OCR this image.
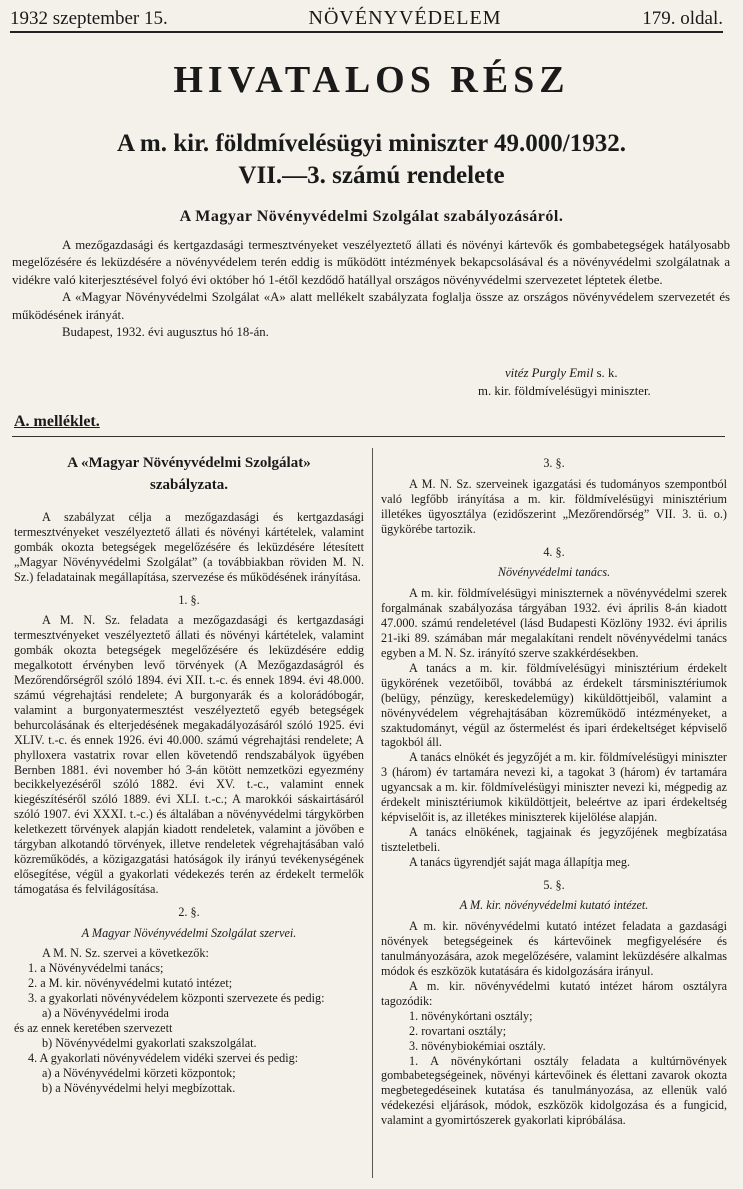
1932 szeptember 15.	NÖVÉNYVÉDELEM	179. oldal.
HIVATALOS RÉSZ
A m. kir. földmívelésügyi miniszter 49.000/1932.
VII.—3. számú rendelete
A Magyar Növényvédelmi Szolgálat szabályozásáról.

A mezőgazdasági és kertgazdasági termesztvényeket veszélyeztető állati és növényi kártevők és gombabetegségek hatályosabb megelőzésére és leküzdésére a növényvédelem terén eddig is működött intézmények bekapcsolásával és a növényvédelmi szolgálatnak a vidékre való kiterjesztésével folyó évi október hó 1-étől kezdődő hatállyal országos növényvédelmi szervezetet léptetek életbe.

A «Magyar Növényvédelmi Szolgálat «A» alatt mellékelt szabályzata foglalja össze az országos növényvédelem szervezetét és működésének irányát.

Budapest, 1932. évi augusztus hó 18-án.

vitéz Purgly Emil s. k.
m. kir. földmívelésügyi miniszter.
A. melléklet.
A «Magyar Növényvédelmi Szolgálat»
szabályzata.

A szabályzat célja a mezőgazdasági és kertgazdasági termesztvényeket veszélyeztető állati és növényi kártételek, valamint gombák okozta betegségek megelőzésére és leküzdésére létesített „Magyar Növényvédelmi Szolgálat” (a továbbiakban röviden M. N. Sz.) feladatainak megállapítása, szervezése és működésének irányítása.

1. §.

A M. N. Sz. feladata a mezőgazdasági és kertgazdasági termesztvényeket veszélyeztető állati és növényi kártételek, valamint gombák okozta betegségek megelőzésére és leküzdésére eddig megalkotott érvényben levő törvények (A Mezőgazdaságról és Mezőrendőrségről szóló 1894. évi XII. t.-c. és ennek 1894. évi 48.000. számú végrehajtási rendelete; A burgonyarák és a kolorádóbogár, valamint a burgonyatermesztést veszélyeztető egyéb betegségek behurcolásának és elterjedésének megakadályozásáról szóló 1925. évi XLIV. t.-c. és ennek 1926. évi 40.000. számú végrehajtási rendelete; A phylloxera vastatrix rovar ellen követendő rendszabályok ügyében Bernben 1881. évi november hó 3-án kötött nemzetközi egyezmény becikkelyezéséről szóló 1882. évi XV. t.-c., valamint ennek kiegészítéséről szóló 1889. évi XLI. t.-c.; A marokkói sáskairtásáról szóló 1907. évi XXXI. t.-c.) és általában a növényvédelmi tárgykörben keletkezett törvények alapján kiadott rendeletek, valamint a jövőben e tárgyban alkotandó törvények, illetve rendeletek végrehajtásában való közreműködés, a közigazgatási hatóságok ily irányú tevékenységének elősegítése, végül a gyakorlati védekezés terén az érdekelt termelők támogatása és felvilágosítása.

2. §.
A Magyar Növényvédelmi Szolgálat szervei.

A M. N. Sz. szervei a következők:

1. a Növényvédelmi tanács;

2. a M. kir. növényvédelmi kutató intézet;

3. a gyakorlati növényvédelem központi szervezete és pedig:

a) a Növényvédelmi iroda

és az ennek keretében szervezett

b) Növényvédelmi gyakorlati szakszolgálat.

4. A gyakorlati növényvédelem vidéki szervei és pedig:

a) a Növényvédelmi körzeti központok;

b) a Növényvédelmi helyi megbízottak.

3. §.

A M. N. Sz. szerveinek igazgatási és tudományos szempontból való legfőbb irányítása a m. kir. földmívelésügyi minisztérium illetékes ügyosztálya (ezidőszerint „Mezőrendőrség” VII. 3. ü. o.) ügykörébe tartozik.

4. §.
Növényvédelmi tanács.

A m. kir. földmívelésügyi miniszternek a növényvédelmi szerek forgalmának szabályozása tárgyában 1932. évi április 8-án kiadott 47.000. számú rendeletével (lásd Budapesti Közlöny 1932. évi április 21-iki 89. számában már megalakítani rendelt növényvédelmi tanács egyben a M. N. Sz. irányító szerve szakkérdésekben.

A tanács a m. kir. földmívelésügyi minisztérium érdekelt ügykörének vezetőiből, továbbá az érdekelt társminisztériumok (belügy, pénzügy, kereskedelemügy) kiküldöttjeiből, valamint a növényvédelem végrehajtásában közreműködő intézményeket, a szaktudományt, végül az őstermelést és ipari érdekeltséget képviselő tagokból áll.

A tanács elnökét és jegyzőjét a m. kir. földmívelésügyi miniszter 3 (három) év tartamára nevezi ki, a tagokat 3 (három) év tartamára ugyancsak a m. kir. földmívelésügyi miniszter nevezi ki, mégpedig az érdekelt minisztériumok kiküldöttjeit, beleértve az ipari érdekeltség képviselőit is, az illetékes miniszterek kijelölése alapján.

A tanács elnökének, tagjainak és jegyzőjének megbízatása tiszteletbeli.

A tanács ügyrendjét saját maga állapítja meg.

5. §.
A M. kir. növényvédelmi kutató intézet.

A m. kir. növényvédelmi kutató intézet feladata a gazdasági növények betegségeinek és kártevőinek megfigyelésére és tanulmányozására, azok megelőzésére, valamint leküzdésére alkalmas módok és eszközök kutatására és kidolgozására irányul.

A m. kir. növényvédelmi kutató intézet három osztályra tagozódik:

1. növénykórtani osztály;

2. rovartani osztály;

3. növénybiokémiai osztály.

1. A növénykórtani osztály feladata a kultúrnövények gombabetegségeinek, növényi kártevőinek és élettani zavarok okozta megbetegedéseinek kutatása és tanulmányozása, az ellenük való védekezési eljárások, módok, eszközök kidolgozása és a fungicid, valamint a gyomirtószerek gyakorlati kipróbálása.
